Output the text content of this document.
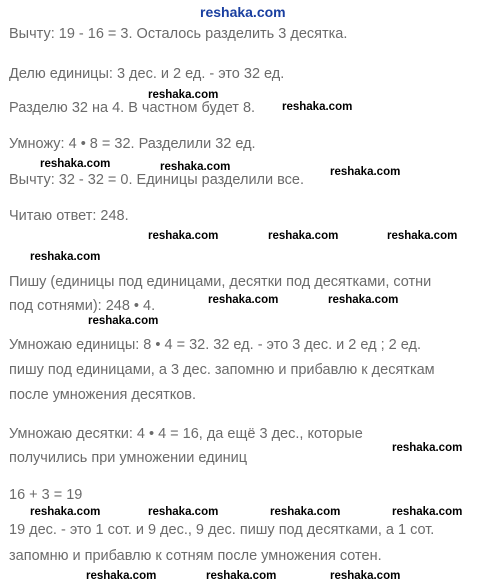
reshaka.com
Вычту: 19 - 16 = 3. Осталось разделить 3 десятка.
Делю единицы: 3 дес. и 2 ед. - это 32 ед.
Разделю 32 на 4. В частном будет 8.
Умножу: 4 • 8 = 32. Разделили 32 ед.
Вычту: 32 - 32 = 0. Единицы разделили все.
Читаю ответ: 248.
Пишу (единицы под единицами, десятки под десятками, сотни
под сотнями): 248 • 4.
Умножаю единицы: 8 • 4 = 32. 32 ед. - это 3 дес. и 2 ед ; 2 ед.
пишу под единицами, а 3 дес. запомню и прибавлю к десяткам
после умножения десятков.
Умножаю десятки: 4 • 4 = 16, да ещё 3 дес., которые
получились при умножении единиц
16 + 3 = 19
19 дес. - это 1 сот. и 9 дес., 9 дес. пишу под десятками, а 1 сот.
запомню и прибавлю к сотням после умножения сотен.
reshaka.com
reshaka.com
reshaka.com	reshaka.com	reshaka.com
reshaka.com	reshaka.com	reshaka.com
reshaka.com
reshaka.com	reshaka.com
reshaka.com
reshaka.com
reshaka.com	reshaka.com	reshaka.com	reshaka.com
reshaka.com	reshaka.com	reshaka.com
